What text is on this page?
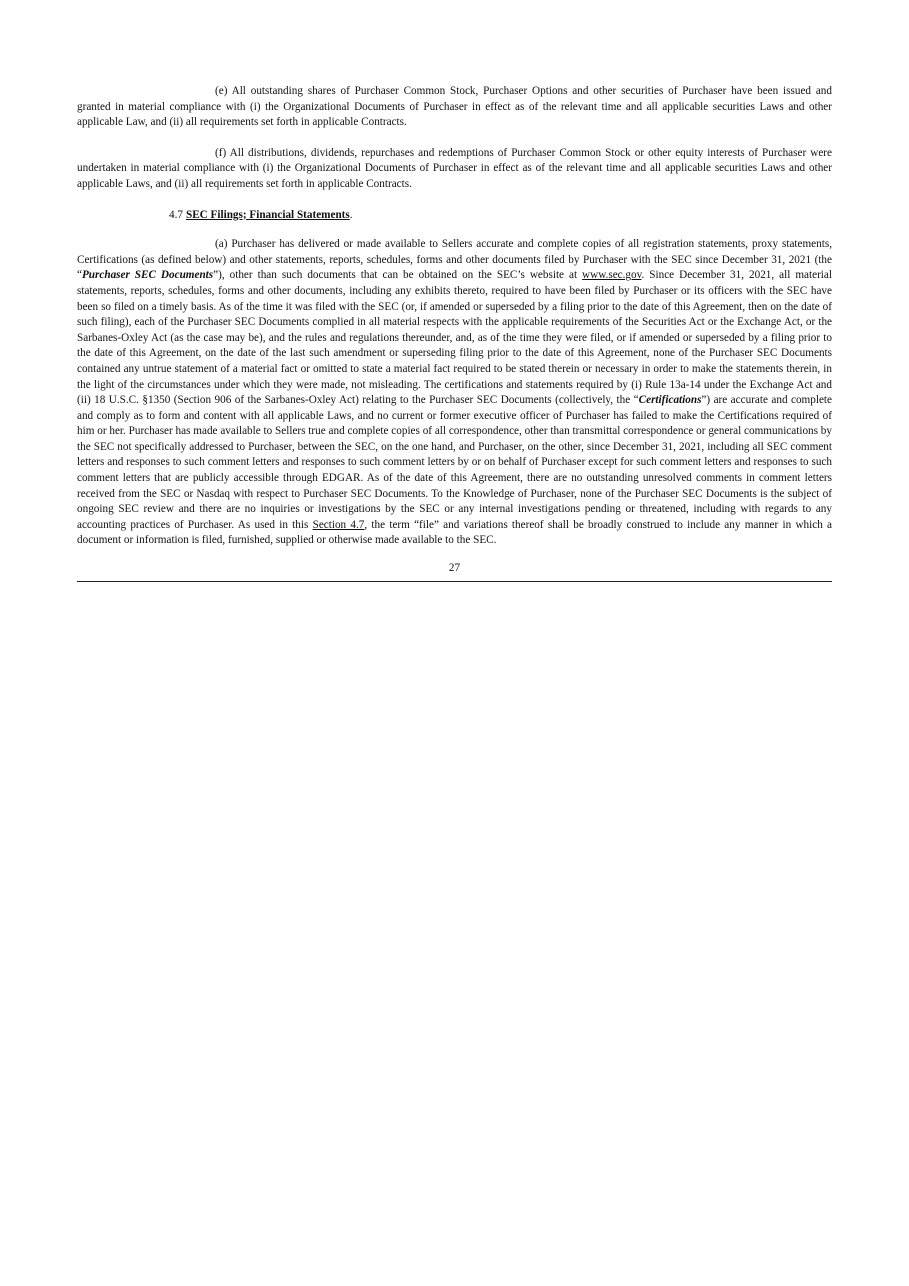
(e) All outstanding shares of Purchaser Common Stock, Purchaser Options and other securities of Purchaser have been issued and granted in material compliance with (i) the Organizational Documents of Purchaser in effect as of the relevant time and all applicable securities Laws and other applicable Law, and (ii) all requirements set forth in applicable Contracts.

(f) All distributions, dividends, repurchases and redemptions of Purchaser Common Stock or other equity interests of Purchaser were undertaken in material compliance with (i) the Organizational Documents of Purchaser in effect as of the relevant time and all applicable securities Laws and other applicable Laws, and (ii) all requirements set forth in applicable Contracts.

4.7 SEC Filings; Financial Statements.

(a) Purchaser has delivered or made available to Sellers accurate and complete copies of all registration statements, proxy statements, Certifications (as defined below) and other statements, reports, schedules, forms and other documents filed by Purchaser with the SEC since December 31, 2021 (the “Purchaser SEC Documents”), other than such documents that can be obtained on the SEC’s website at www.sec.gov. Since December 31, 2021, all material statements, reports, schedules, forms and other documents, including any exhibits thereto, required to have been filed by Purchaser or its officers with the SEC have been so filed on a timely basis. As of the time it was filed with the SEC (or, if amended or superseded by a filing prior to the date of this Agreement, then on the date of such filing), each of the Purchaser SEC Documents complied in all material respects with the applicable requirements of the Securities Act or the Exchange Act, or the Sarbanes-Oxley Act (as the case may be), and the rules and regulations thereunder, and, as of the time they were filed, or if amended or superseded by a filing prior to the date of this Agreement, on the date of the last such amendment or superseding filing prior to the date of this Agreement, none of the Purchaser SEC Documents contained any untrue statement of a material fact or omitted to state a material fact required to be stated therein or necessary in order to make the statements therein, in the light of the circumstances under which they were made, not misleading. The certifications and statements required by (i) Rule 13a-14 under the Exchange Act and (ii) 18 U.S.C. §1350 (Section 906 of the Sarbanes-Oxley Act) relating to the Purchaser SEC Documents (collectively, the “Certifications”) are accurate and complete and comply as to form and content with all applicable Laws, and no current or former executive officer of Purchaser has failed to make the Certifications required of him or her. Purchaser has made available to Sellers true and complete copies of all correspondence, other than transmittal correspondence or general communications by the SEC not specifically addressed to Purchaser, between the SEC, on the one hand, and Purchaser, on the other, since December 31, 2021, including all SEC comment letters and responses to such comment letters and responses to such comment letters by or on behalf of Purchaser except for such comment letters and responses to such comment letters that are publicly accessible through EDGAR. As of the date of this Agreement, there are no outstanding unresolved comments in comment letters received from the SEC or Nasdaq with respect to Purchaser SEC Documents. To the Knowledge of Purchaser, none of the Purchaser SEC Documents is the subject of ongoing SEC review and there are no inquiries or investigations by the SEC or any internal investigations pending or threatened, including with regards to any accounting practices of Purchaser. As used in this Section 4.7, the term “file” and variations thereof shall be broadly construed to include any manner in which a document or information is filed, furnished, supplied or otherwise made available to the SEC.

27
